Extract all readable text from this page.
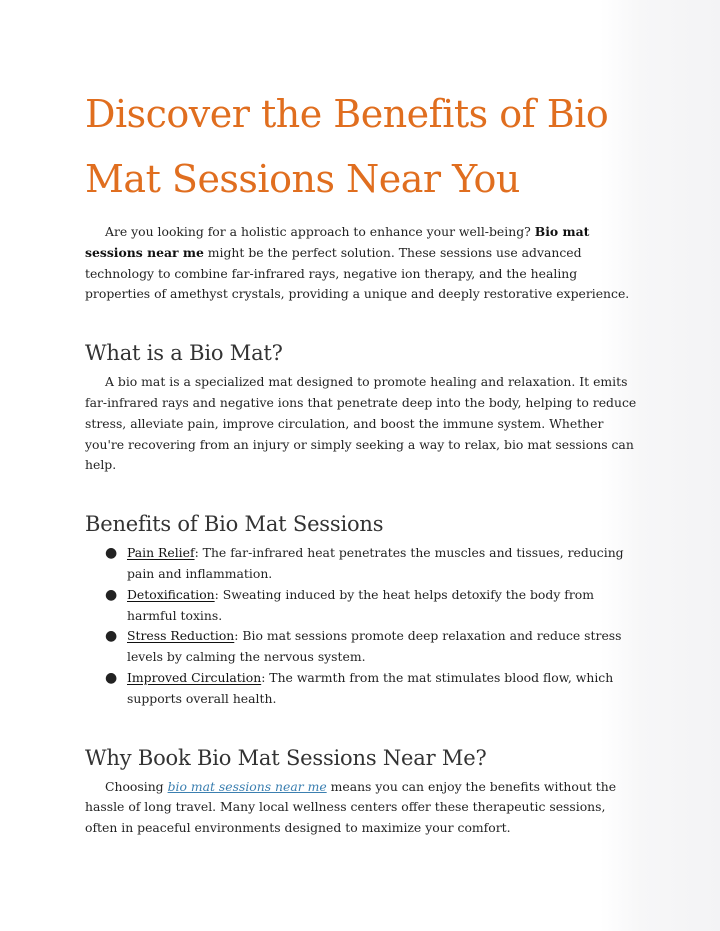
Discover the Benefits of Bio
Mat Sessions Near You

Are you looking for a holistic approach to enhance your well-being? Bio mat sessions near me might be the perfect solution. These sessions use advanced technology to combine far-infrared rays, negative ion therapy, and the healing properties of amethyst crystals, providing a unique and deeply restorative experience.

What is a Bio Mat?

A bio mat is a specialized mat designed to promote healing and relaxation. It emits far-infrared rays and negative ions that penetrate deep into the body, helping to reduce stress, alleviate pain, improve circulation, and boost the immune system. Whether you're recovering from an injury or simply seeking a way to relax, bio mat sessions can help.

Benefits of Bio Mat Sessions
● Pain Relief: The far-infrared heat penetrates the muscles and tissues, reducing pain and inflammation.
● Detoxification: Sweating induced by the heat helps detoxify the body from harmful toxins.
● Stress Reduction: Bio mat sessions promote deep relaxation and reduce stress levels by calming the nervous system.
● Improved Circulation: The warmth from the mat stimulates blood flow, which supports overall health.
Why Book Bio Mat Sessions Near Me?

Choosing bio mat sessions near me means you can enjoy the benefits without the hassle of long travel. Many local wellness centers offer these therapeutic sessions, often in peaceful environments designed to maximize your comfort.
